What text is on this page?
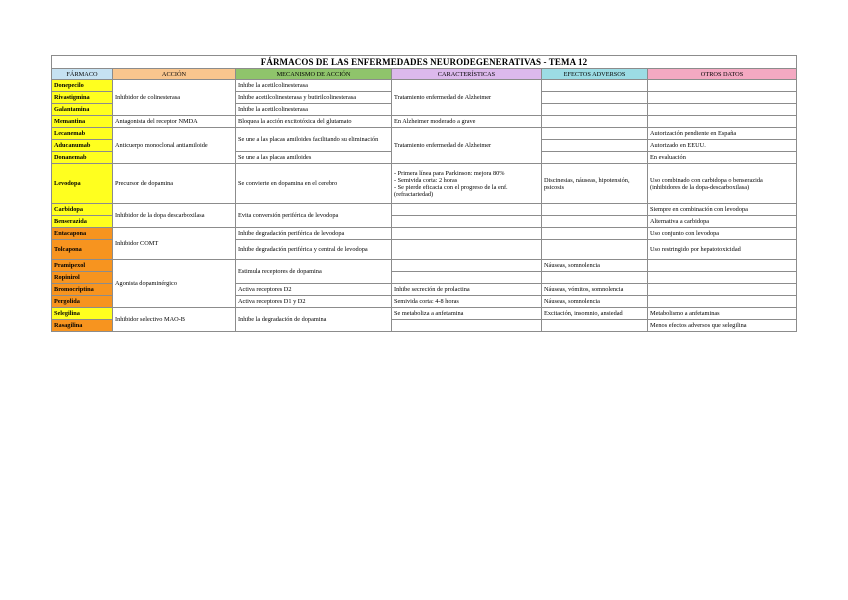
FÁRMACOS DE LAS ENFERMEDADES NEURODEGENERATIVAS - TEMA 12					
FÁRMACO	ACCIÓN	MECANISMO DE ACCIÓN	CARACTERÍSTICAS	EFECTOS ADVERSOS	OTROS DATOS
Donepecilo	Inhibidor de colinesterasa	Inhibe la acetilcolinesterasa	Tratamiento enfermedad de Alzheimer		
Rivastigmina		Inhibe acetilcolinesterasa y butirilcolinesterasa			
Galantamina		Inhibe la acetilcolinesterasa			
Memantina	Antagonista del receptor NMDA	Bloquea la acción excitotóxica del glutamato	En Alzheimer moderado a grave		
Lecanemab	Anticuerpo monoclonal antiamiloide	Se une a las placas amiloides facilitando su eliminación	Tratamiento enfermedad de Alzheimer		Autorización pendiente en España
Aducanumab					Autorizado en EEUU.
Donanemab		Se une a las placas amiloides			En evaluación
Levodopa	Precursor de dopamina	Se convierte en dopamina en el cerebro	- Primera línea para Parkinson: mejora 80%
- Semivida corta: 2 horas
- Se pierde eficacia con el progreso de la enf. (refractariedad)	Discinesias, náuseas, hipotensión, psicosis	Uso combinado con carbidopa o benserazida (inhibidores de la dopa-descarboxilasa)
Carbidopa	Inhibidor de la dopa descarboxilasa	Evita conversión periférica de levodopa			Siempre en combinación con levodopa
Benserazida					Alternativa a carbidopa
Entacapona	Inhibidor COMT	Inhibe degradación periférica de levodopa			Uso conjunto con levodopa
Tolcapona		Inhibe degradación periférica y central de levodopa			Uso restringido por hepatotoxicidad
Pramipexol	Agonista dopaminérgico	Estimula receptores de dopamina		Náuseas, somnolencia	
Ropinirol					
Bromocriptina		Activa receptores D2	Inhibe secreción de prolactina	Náuseas, vómitos, somnolencia	
Pergolida		Activa receptores D1 y D2	Semivida corta: 4-8 horas	Náuseas, somnolencia	
Selegilina	Inhibidor selectivo MAO-B	Inhibe la degradación de dopamina	Se metaboliza a anfetamina	Excitación, insomnio, ansiedad	Metabolismo a anfetaminas
Rasagilina					Menos efectos adversos que selegilina
